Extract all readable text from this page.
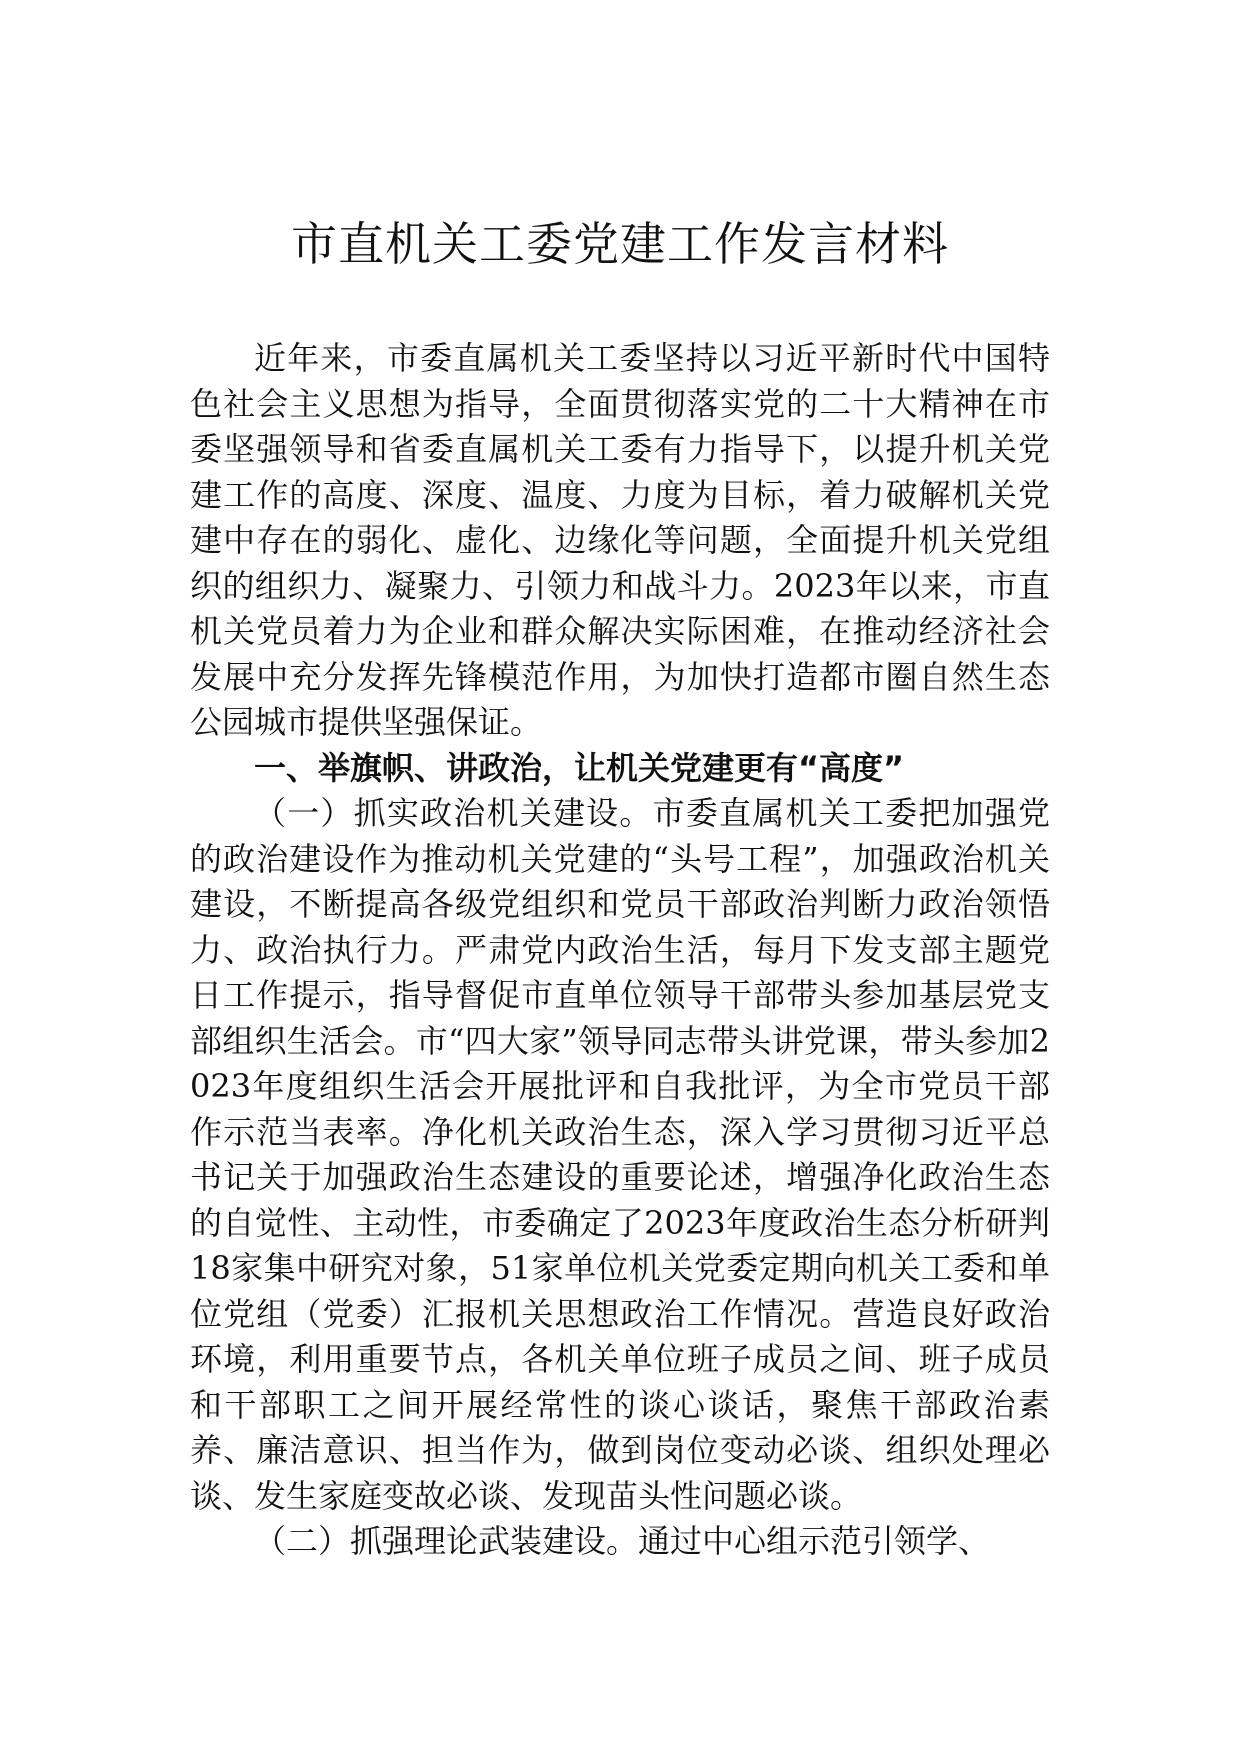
市直机关工委党建工作发言材料

近年来，市委直属机关工委坚持以习近平新时代中国特色社会主义思想为指导，全面贯彻落实党的二十大精神在市委坚强领导和省委直属机关工委有力指导下，以提升机关党建工作的高度、深度、温度、力度为目标，着力破解机关党建中存在的弱化、虚化、边缘化等问题，全面提升机关党组织的组织力、凝聚力、引领力和战斗力。2023年以来，市直机关党员着力为企业和群众解决实际困难，在推动经济社会发展中充分发挥先锋模范作用，为加快打造都市圈自然生态公园城市提供坚强保证。

一、举旗帜、讲政治，让机关党建更有“高度”

（一）抓实政治机关建设。市委直属机关工委把加强党的政治建设作为推动机关党建的“头号工程”，加强政治机关建设，不断提高各级党组织和党员干部政治判断力政治领悟力、政治执行力。严肃党内政治生活，每月下发支部主题党日工作提示，指导督促市直单位领导干部带头参加基层党支部组织生活会。市“四大家”领导同志带头讲党课，带头参加2023年度组织生活会开展批评和自我批评，为全市党员干部作示范当表率。净化机关政治生态，深入学习贯彻习近平总书记关于加强政治生态建设的重要论述，增强净化政治生态的自觉性、主动性，市委确定了2023年度政治生态分析研判18家集中研究对象，51家单位机关党委定期向机关工委和单位党组（党委）汇报机关思想政治工作情况。营造良好政治环境，利用重要节点，各机关单位班子成员之间、班子成员和干部职工之间开展经常性的谈心谈话，聚焦干部政治素养、廉洁意识、担当作为，做到岗位变动必谈、组织处理必谈、发生家庭变故必谈、发现苗头性问题必谈。

（二）抓强理论武装建设。通过中心组示范引领学、
